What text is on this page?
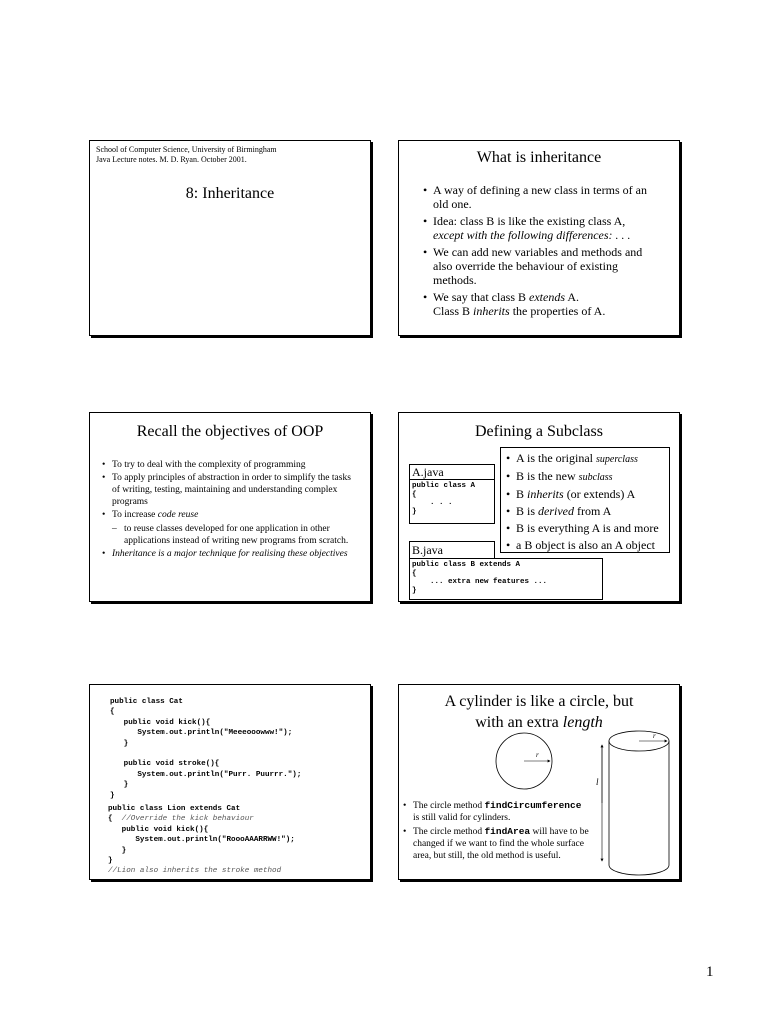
School of Computer Science, University of Birmingham
Java Lecture notes. M. D. Ryan. October 2001.
8: Inheritance
What is inheritance
• A way of defining a new class in terms of an old one.
• Idea: class B is like the existing class A,
except with the following differences: . . .
• We can add new variables and methods and also override the behaviour of existing methods.
• We say that class B extends A.
Class B inherits the properties of A.
Recall the objectives of OOP
• To try to deal with the complexity of programming
• To apply principles of abstraction in order to simplify the tasks of writing, testing, maintaining and understanding complex programs
• To increase code reuse
– to reuse classes developed for one application in other applications instead of writing new programs from scratch.
• Inheritance is a major technique for realising these objectives
Defining a Subclass
A.java
public class A
{
. . .
}
B.java
public class B extends A
{
... extra new features ...
}
• A is the original superclass
• B is the new subclass
• B inherits (or extends) A
• B is derived from A
• B is everything A is and more
• a B object is also an A object
public class Cat
{
public void kick(){
System.out.println("Meeeooowww!");
}

public void stroke(){
System.out.println("Purr. Puurrr.");
}
}
public class Lion extends Cat
{  //Override the kick behaviour
public void kick(){
System.out.println("RoooAAARRWW!");
}
}
//Lion also inherits the stroke method
A cylinder is like a circle, but
with an extra length
r
r
l
• The circle method findCircumference
is still valid for cylinders.
• The circle method findArea will have to be changed if we want to find the whole surface area, but still, the old method is useful.
1
